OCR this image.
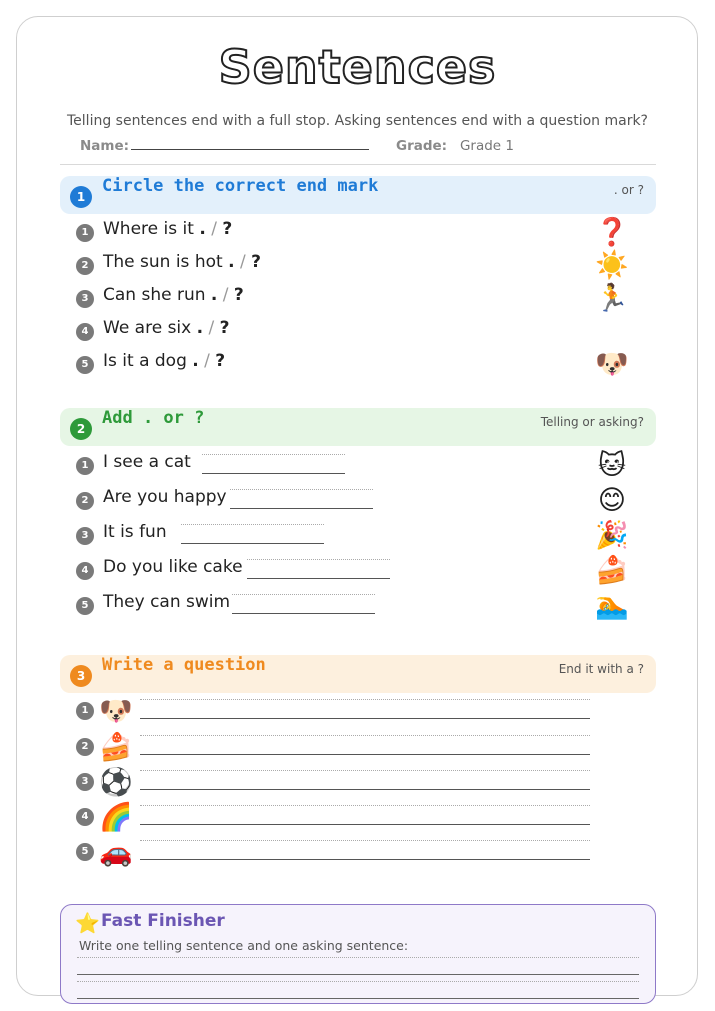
Sentences
Telling sentences end with a full stop. Asking sentences end with a question mark?
Name:	Grade: Grade 1
1
Circle the correct end mark	. or ?
1 Where is it . / ?	❓
2 The sun is hot . / ?	☀️
3 Can she run . / ?	🏃
4 We are six . / ?
5 Is it a dog . / ?	🐶
2
Add . or ?	Telling or asking?
1 I see a cat	🐱
2 Are you happy	😊
3 It is fun	🎉
4 Do you like cake	🍰
5 They can swim	🏊
3
Write a question	End it with a ?
1 🐶
2 🍰
3 ⚽
4 🌈
5 🚗
⭐ Fast Finisher
Write one telling sentence and one asking sentence:
